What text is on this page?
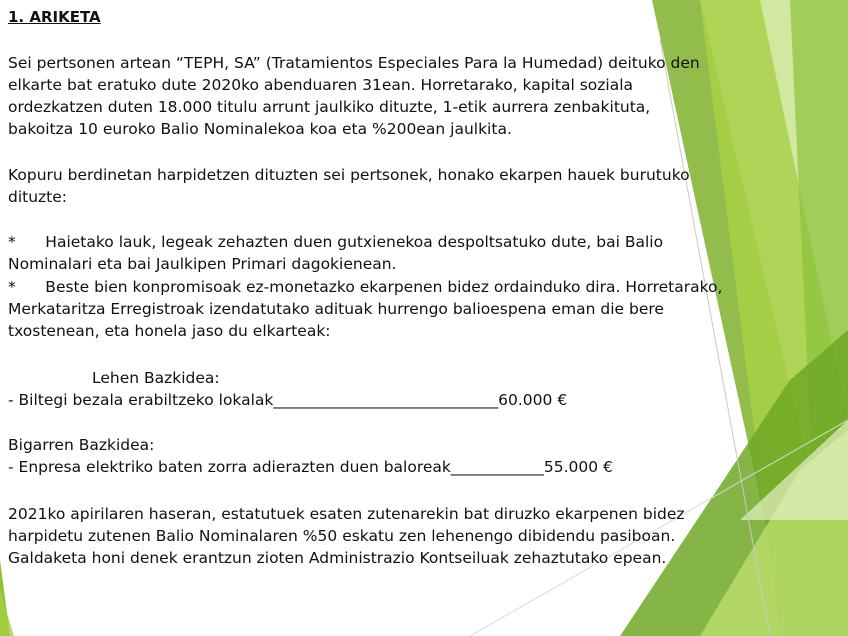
1. ARIKETA
Sei pertsonen artean “TEPH, SA” (Tratamientos Especiales Para la Humedad) deituko den
elkarte bat eratuko dute 2020ko abenduaren 31ean. Horretarako, kapital soziala
ordezkatzen duten 18.000 titulu arrunt jaulkiko dituzte, 1-etik aurrera zenbakituta,
bakoitza 10 euroko Balio Nominalekoa koa eta %200ean jaulkita.
Kopuru berdinetan harpidetzen dituzten sei pertsonek, honako ekarpen hauek burutuko
dituzte:
*      Haietako lauk, legeak zehazten duen gutxienekoa despoltsatuko dute, bai Balio
Nominalari eta bai Jaulkipen Primari dagokienean.
*      Beste bien konpromisoak ez-monetazko ekarpenen bidez ordainduko dira. Horretarako,
Merkataritza Erregistroak izendatutako adituak hurrengo balioespena eman die bere
txostenean, eta honela jaso du elkarteak:
Lehen Bazkidea:
- Biltegi bezala erabiltzeko lokalak_____________________________60.000 €
Bigarren Bazkidea:
- Enpresa elektriko baten zorra adierazten duen baloreak____________55.000 €
2021ko apirilaren haseran, estatutuek esaten zutenarekin bat diruzko ekarpenen bidez
harpidetu zutenen Balio Nominalaren %50 eskatu zen lehenengo dibidendu pasiboan.
Galdaketa honi denek erantzun zioten Administrazio Kontseiluak zehaztutako epean.
